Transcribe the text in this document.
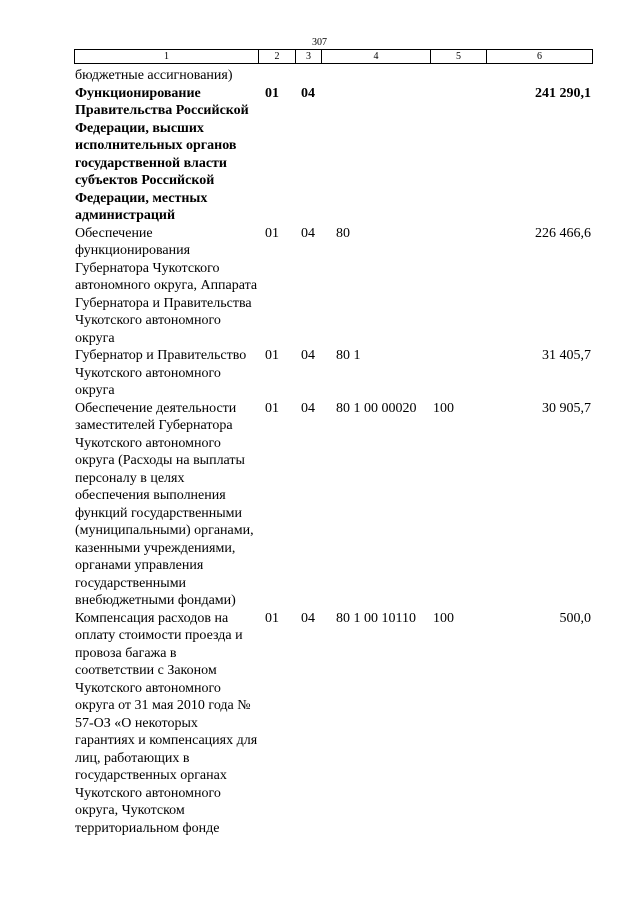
307
1	2	3	4	5	6
бюджетные ассигнования)					
Функционирование Правительства Российской Федерации, высших исполнительных органов государственной власти субъектов Российской Федерации, местных администраций	01	04			241 290,1
Обеспечение функционирования Губернатора Чукотского автономного округа, Аппарата Губернатора и Правительства Чукотского автономного округа	01	04	80		226 466,6
Губернатор и Правительство Чукотского автономного округа	01	04	80 1		31 405,7
Обеспечение деятельности заместителей Губернатора Чукотского автономного округа (Расходы на выплаты персоналу в целях обеспечения выполнения функций государственными (муниципальными) органами, казенными учреждениями, органами управления государственными внебюджетными фондами)	01	04	80 1 00 00020	100	30 905,7
Компенсация расходов на оплату стоимости проезда и провоза багажа в соответствии с Законом Чукотского автономного округа от 31 мая 2010 года № 57-ОЗ «О некоторых гарантиях и компенсациях для лиц, работающих в государственных органах Чукотского автономного округа, Чукотском территориальном фонде	01	04	80 1 00 10110	100	500,0
